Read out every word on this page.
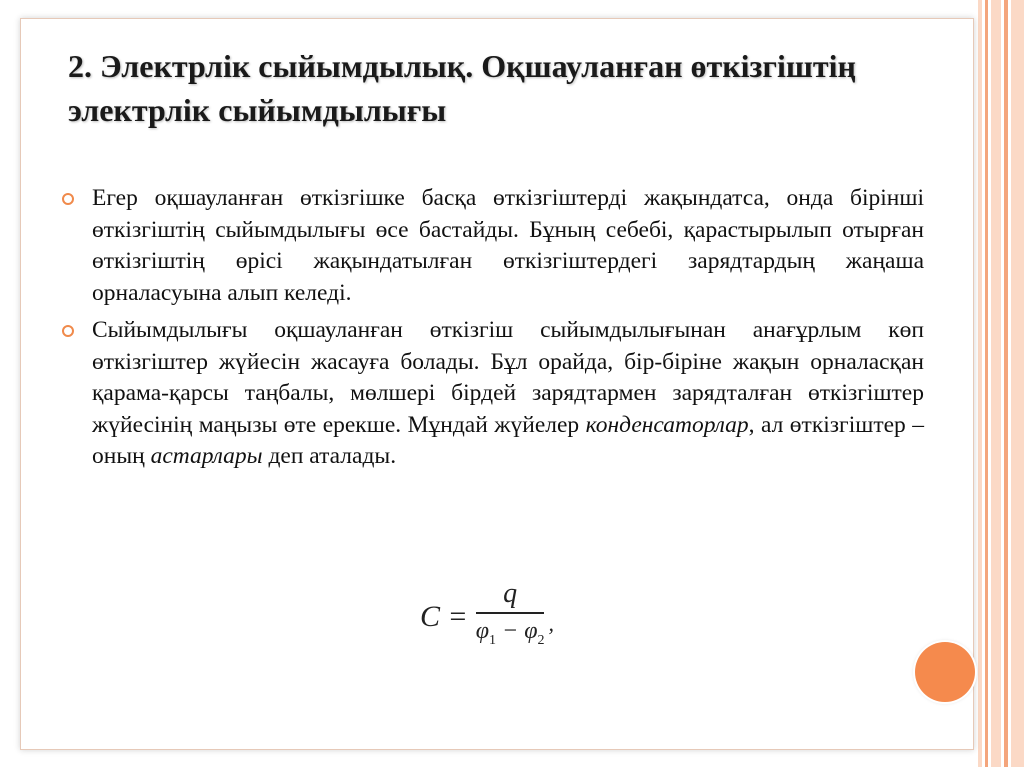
2. Электрлік сыйымдылық. Оқшауланған өткізгіштің электрлік сыйымдылығы
Егер оқшауланған өткізгішке басқа өткізгіштерді жақындатса, онда бірінші өткізгіштің сыйымдылығы өсе бастайды. Бұның себебі, қарастырылып отырған өткізгіштің өрісі жақындатылған өткізгіштердегі зарядтардың жаңаша орналасуына алып келеді.
Сыйымдылығы оқшауланған өткізгіш сыйымдылығынан анағұрлым көп өткізгіштер жүйесін жасауға болады. Бұл орайда, бір-біріне жақын орналасқан қарама-қарсы таңбалы, мөлшері бірдей зарядтармен зарядталған өткізгіштер жүйесінің маңызы өте ерекше. Мұндай жүйелер конденсаторлар, ал өткізгіштер – оның астарлары деп аталады.
$C = \frac{q}{\varphi_1 - \varphi_2}$ ,
